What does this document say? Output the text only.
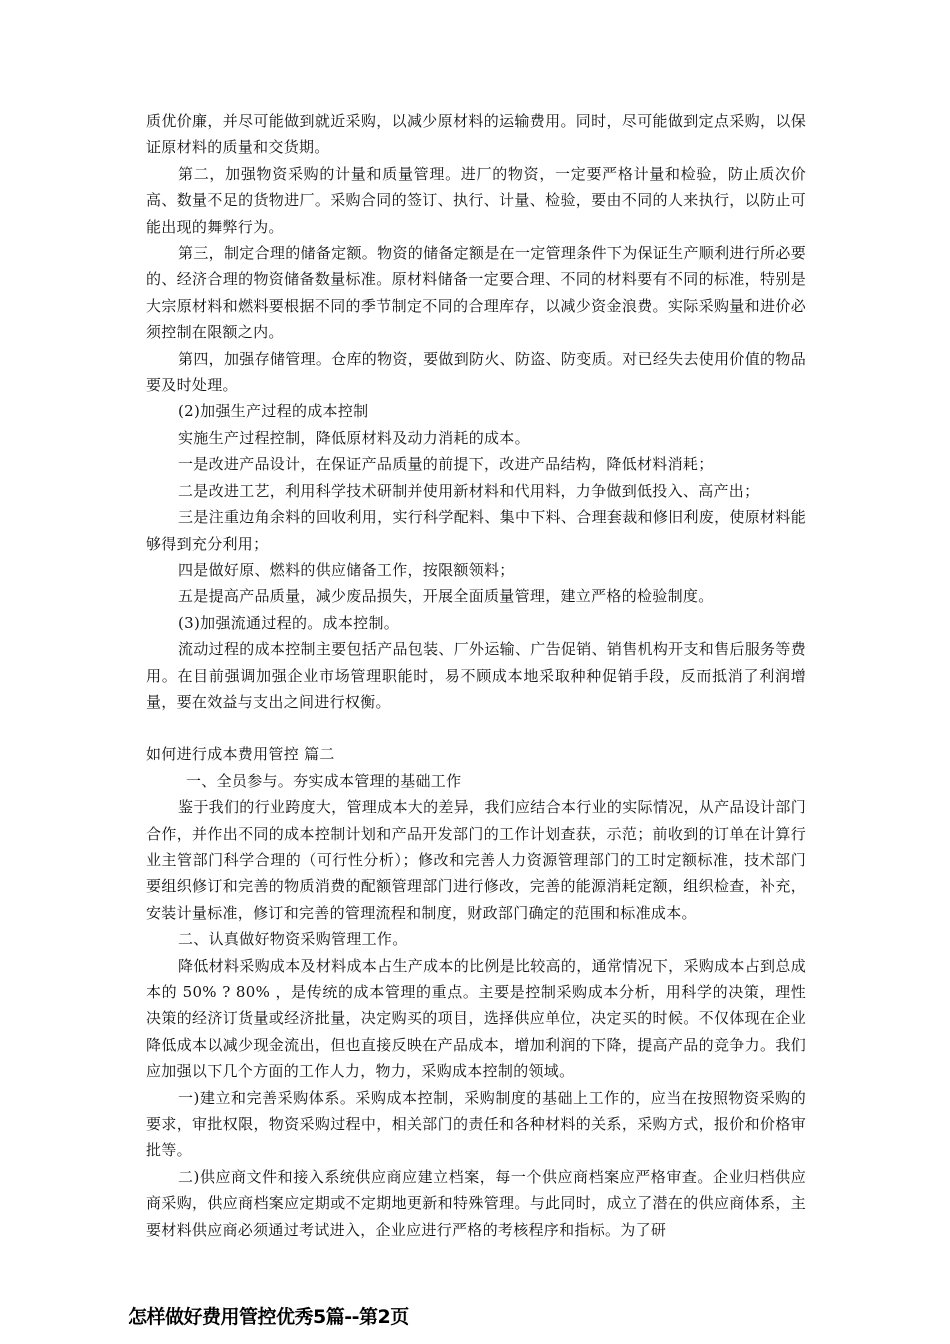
质优价廉，并尽可能做到就近采购，以减少原材料的运输费用。同时，尽可能做到定点采购，以保证原材料的质量和交货期。

第二，加强物资采购的计量和质量管理。进厂的物资，一定要严格计量和检验，防止质次价高、数量不足的货物进厂。采购合同的签订、执行、计量、检验，要由不同的人来执行，以防止可能出现的舞弊行为。

第三，制定合理的储备定额。物资的储备定额是在一定管理条件下为保证生产顺利进行所必要的、经济合理的物资储备数量标准。原材料储备一定要合理、不同的材料要有不同的标准，特别是大宗原材料和燃料要根据不同的季节制定不同的合理库存，以减少资金浪费。实际采购量和进价必须控制在限额之内。

第四，加强存储管理。仓库的物资，要做到防火、防盗、防变质。对已经失去使用价值的物品要及时处理。

(2)加强生产过程的成本控制

实施生产过程控制，降低原材料及动力消耗的成本。

一是改进产品设计，在保证产品质量的前提下，改进产品结构，降低材料消耗；

二是改进工艺，利用科学技术研制并使用新材料和代用料，力争做到低投入、高产出；

三是注重边角余料的回收利用，实行科学配料、集中下料、合理套裁和修旧利废，使原材料能够得到充分利用；

四是做好原、燃料的供应储备工作，按限额领料；

五是提高产品质量，减少废品损失，开展全面质量管理，建立严格的检验制度。

(3)加强流通过程的。成本控制。

流动过程的成本控制主要包括产品包装、厂外运输、广告促销、销售机构开支和售后服务等费用。在目前强调加强企业市场管理职能时，易不顾成本地采取种种促销手段，反而抵消了利润增量，要在效益与支出之间进行权衡。

如何进行成本费用管控 篇二

一、全员参与。夯实成本管理的基础工作

鉴于我们的行业跨度大，管理成本大的差异，我们应结合本行业的实际情况，从产品设计部门合作，并作出不同的成本控制计划和产品开发部门的工作计划查获，示范；前收到的订单在计算行业主管部门科学合理的（可行性分析）；修改和完善人力资源管理部门的工时定额标准，技术部门要组织修订和完善的物质消费的配额管理部门进行修改，完善的能源消耗定额，组织检查，补充，安装计量标准，修订和完善的管理流程和制度，财政部门确定的范围和标准成本。

二、认真做好物资采购管理工作。

降低材料采购成本及材料成本占生产成本的比例是比较高的，通常情况下，采购成本占到总成本的 50% ? 80% ，是传统的成本管理的重点。主要是控制采购成本分析，用科学的决策，理性决策的经济订货量或经济批量，决定购买的项目，选择供应单位，决定买的时候。不仅体现在企业降低成本以减少现金流出，但也直接反映在产品成本，增加利润的下降，提高产品的竞争力。我们应加强以下几个方面的工作人力，物力，采购成本控制的领域。

一)建立和完善采购体系。采购成本控制，采购制度的基础上工作的，应当在按照物资采购的要求，审批权限，物资采购过程中，相关部门的责任和各种材料的关系，采购方式，报价和价格审批等。

二)供应商文件和接入系统供应商应建立档案，每一个供应商档案应严格审查。企业归档供应商采购，供应商档案应定期或不定期地更新和特殊管理。与此同时，成立了潜在的供应商体系，主要材料供应商必须通过考试进入，企业应进行严格的考核程序和指标。为了研

怎样做好费用管控优秀5篇--第2页
